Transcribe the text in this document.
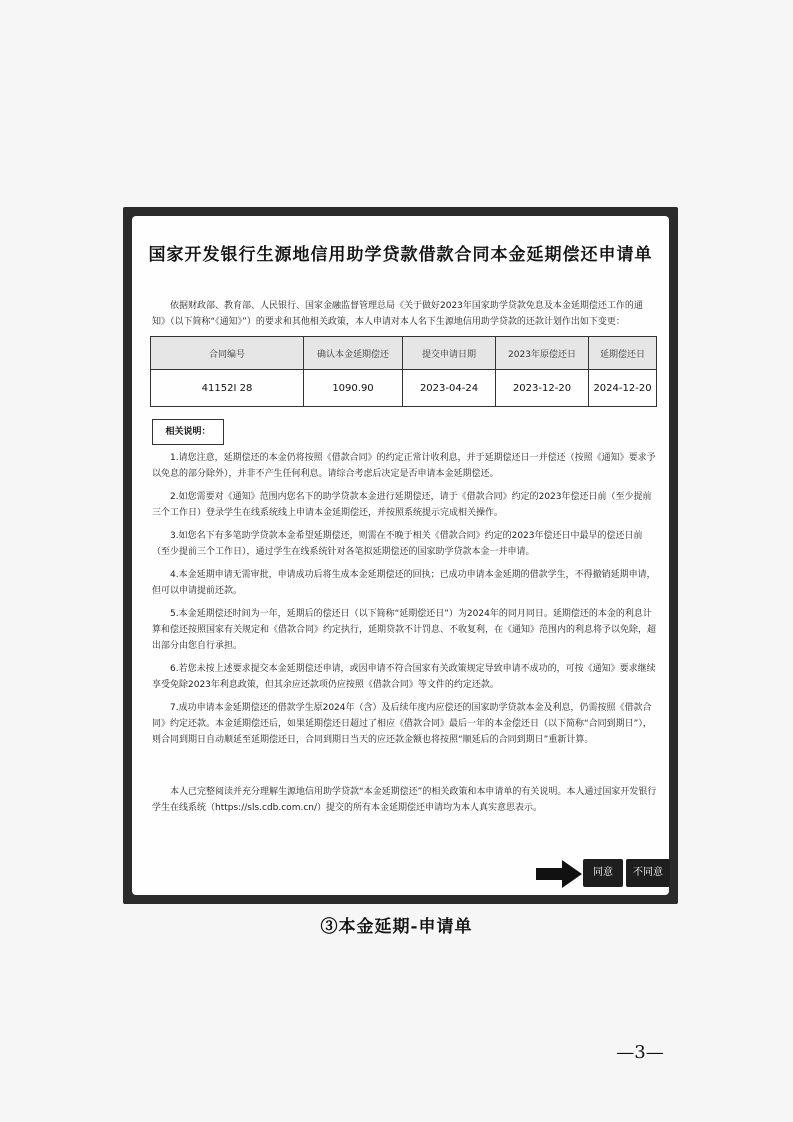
国家开发银行生源地信用助学贷款借款合同本金延期偿还申请单
依据财政部、教育部、人民银行、国家金融监督管理总局《关于做好2023年国家助学贷款免息及本金延期偿还工作的通知》（以下简称“《通知》”）的要求和其他相关政策，本人申请对本人名下生源地信用助学贷款的还款计划作出如下变更：
合同编号	确认本金延期偿还	提交申请日期	2023年原偿还日	延期偿还日
41152I 28	1090.90	2023-04-24	2023-12-20	2024-12-20
相关说明：

1.请您注意，延期偿还的本金仍将按照《借款合同》的约定正常计收利息，并于延期偿还日一并偿还（按照《通知》要求予以免息的部分除外），并非不产生任何利息。请综合考虑后决定是否申请本金延期偿还。

2.如您需要对《通知》范围内您名下的助学贷款本金进行延期偿还，请于《借款合同》约定的2023年偿还日前（至少提前三个工作日）登录学生在线系统线上申请本金延期偿还，并按照系统提示完成相关操作。

3.如您名下有多笔助学贷款本金希望延期偿还，则需在不晚于相关《借款合同》约定的2023年偿还日中最早的偿还日前（至少提前三个工作日），通过学生在线系统针对各笔拟延期偿还的国家助学贷款本金一并申请。

4.本金延期申请无需审批，申请成功后将生成本金延期偿还的回执；已成功申请本金延期的借款学生，不得撤销延期申请，但可以申请提前还款。

5.本金延期偿还时间为一年，延期后的偿还日（以下简称“延期偿还日”）为2024年的同月同日。延期偿还的本金的利息计算和偿还按照国家有关规定和《借款合同》约定执行，延期贷款不计罚息、不收复利，在《通知》范围内的利息将予以免除，超出部分由您自行承担。

6.若您未按上述要求提交本金延期偿还申请，或因申请不符合国家有关政策规定导致申请不成功的，可按《通知》要求继续享受免除2023年利息政策，但其余应还款项仍应按照《借款合同》等文件的约定还款。

7.成功申请本金延期偿还的借款学生原2024年（含）及后续年度内应偿还的国家助学贷款本金及利息，仍需按照《借款合同》约定还款。本金延期偿还后，如果延期偿还日超过了相应《借款合同》最后一年的本金偿还日（以下简称“合同到期日”），则合同到期日自动顺延至延期偿还日，合同到期日当天的应还款金额也将按照“顺延后的合同到期日”重新计算。

本人已完整阅读并充分理解生源地信用助学贷款“本金延期偿还”的相关政策和本申请单的有关说明。本人通过国家开发银行学生在线系统（https://sls.cdb.com.cn/）提交的所有本金延期偿还申请均为本人真实意思表示。
同意	不同意
③本金延期-申请单
—3—
